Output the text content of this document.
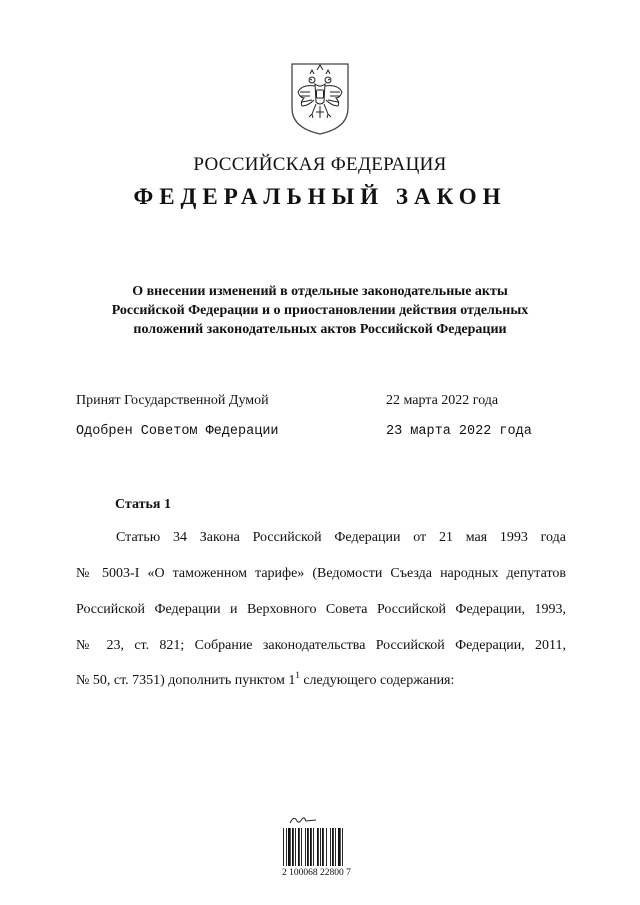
РОССИЙСКАЯ ФЕДЕРАЦИЯ
ФЕДЕРАЛЬНЫЙ ЗАКОН
О внесении изменений в отдельные законодательные акты
Российской Федерации и о приостановлении действия отдельных
положений законодательных актов Российской Федерации
Принят Государственной Думой	22 марта 2022 года
Одобрен Советом Федерации	23 марта 2022 года
Статья 1
Статью 34 Закона Российской Федерации от 21 мая 1993 года
№ 5003-I «О таможенном тарифе» (Ведомости Съезда народных депутатов
Российской Федерации и Верховного Совета Российской Федерации, 1993,
№ 23, ст. 821; Собрание законодательства Российской Федерации, 2011,
№ 50, ст. 7351) дополнить пунктом $1^1$ следующего содержания:
2 100068 22800 7
